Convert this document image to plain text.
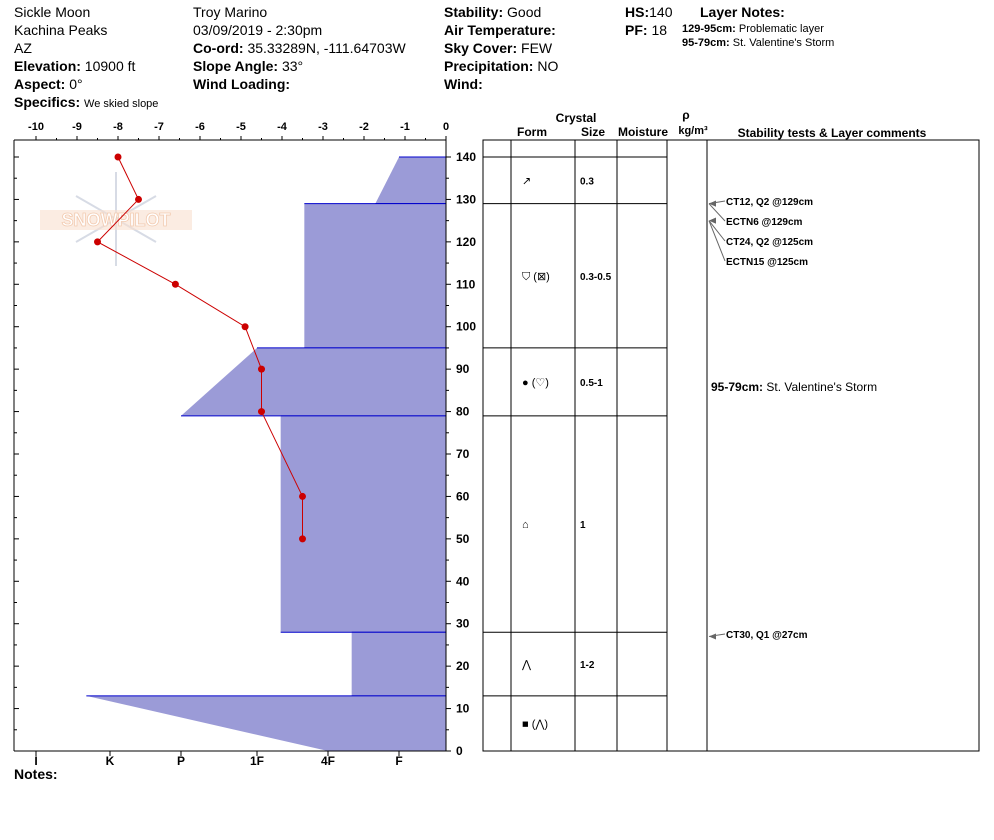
Sickle Moon
Kachina Peaks
AZ
Elevation: 10900 ft
Aspect: 0°
Specifics: We skied slope
Troy Marino
03/09/2019 - 2:30pm
Co-ord: 35.33289N, -111.64703W
Slope Angle: 33°
Wind Loading:
Stability: Good
Air Temperature:
Sky Cover: FEW
Precipitation: NO
Wind:
HS:140
PF: 18
Layer Notes:
129-95cm: Problematic layer
95-79cm: St. Valentine's Storm
Notes:
SNOWPILOT
-10	-9	-8	-7	-6	-5	-4	-3	-2	-1	0
0
10
20
30
40
50
60
70
80
90
100
110
120
130
140
I	K	P	1F	4F	F
Crystal
Form	Size Moisture
ρ
kg/m³ Stability tests & Layer comments
↗	0.3
⛉ (⊠)	0.3-0.5
● (♡)	0.5-1
⌂	1
⋀	1-2
■ (⋀)
CT12, Q2 @129cm
ECTN6 @129cm
CT24, Q2 @125cm
ECTN15 @125cm
CT30, Q1 @27cm
95-79cm: St. Valentine's Storm
